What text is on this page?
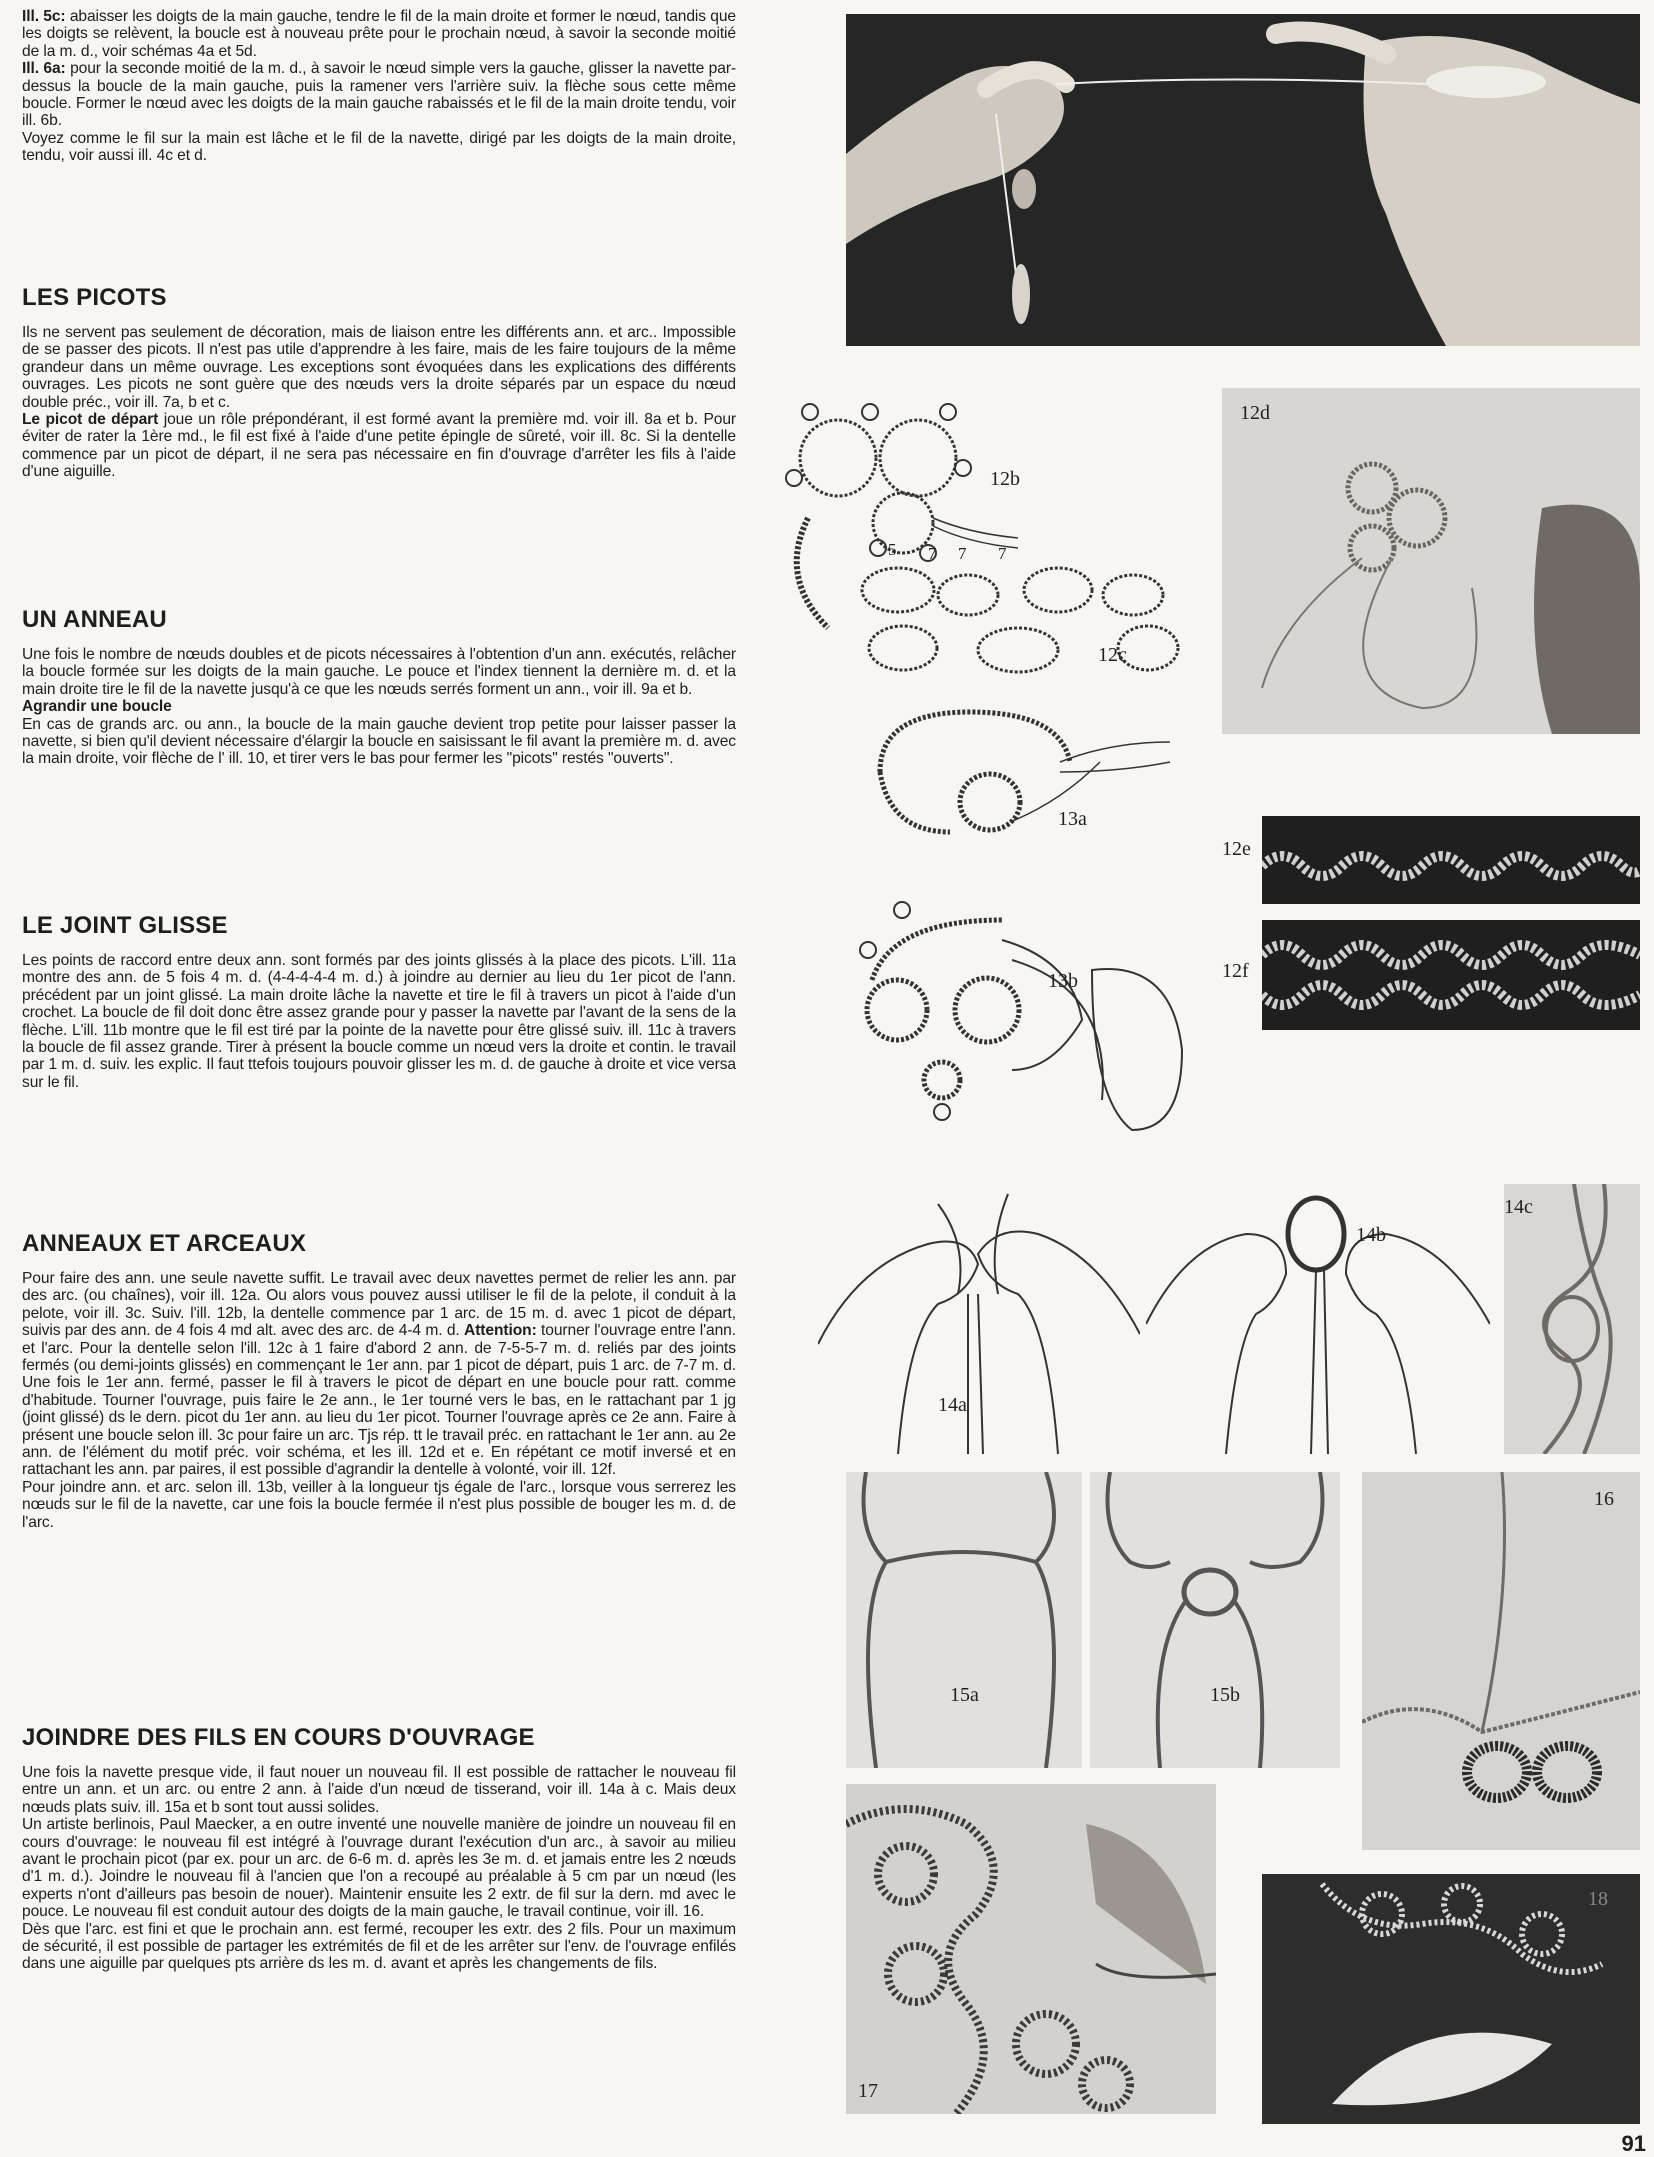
Ill. 5c: abaisser les doigts de la main gauche, tendre le fil de la main droite et former le nœud, tandis que les doigts se relèvent, la boucle est à nouveau prête pour le prochain nœud, à savoir la seconde moitié de la m. d., voir schémas 4a et 5d.

Ill. 6a: pour la seconde moitié de la m. d., à savoir le nœud simple vers la gauche, glisser la navette par-dessus la boucle de la main gauche, puis la ramener vers l'arrière suiv. la flèche sous cette même boucle. Former le nœud avec les doigts de la main gauche rabaissés et le fil de la main droite tendu, voir ill. 6b.

Voyez comme le fil sur la main est lâche et le fil de la navette, dirigé par les doigts de la main droite, tendu, voir aussi ill. 4c et d.

LES PICOTS

Ils ne servent pas seulement de décoration, mais de liaison entre les différents ann. et arc.. Impossible de se passer des picots. Il n'est pas utile d'apprendre à les faire, mais de les faire toujours de la même grandeur dans un même ouvrage. Les exceptions sont évoquées dans les explications des différents ouvrages. Les picots ne sont guère que des nœuds vers la droite séparés par un espace du nœud double préc., voir ill. 7a, b et c.

Le picot de départ joue un rôle prépondérant, il est formé avant la première md. voir ill. 8a et b. Pour éviter de rater la 1ère md., le fil est fixé à l'aide d'une petite épingle de sûreté, voir ill. 8c. Si la dentelle commence par un picot de départ, il ne sera pas nécessaire en fin d'ouvrage d'arrêter les fils à l'aide d'une aiguille.

UN ANNEAU

Une fois le nombre de nœuds doubles et de picots nécessaires à l'obtention d'un ann. exécutés, relâcher la boucle formée sur les doigts de la main gauche. Le pouce et l'index tiennent la dernière m. d. et la main droite tire le fil de la navette jusqu'à ce que les nœuds serrés forment un ann., voir ill. 9a et b.

Agrandir une boucle

En cas de grands arc. ou ann., la boucle de la main gauche devient trop petite pour laisser passer la navette, si bien qu'il devient nécessaire d'élargir la boucle en saisissant le fil avant la première m. d. avec la main droite, voir flèche de l' ill. 10, et tirer vers le bas pour fermer les "picots" restés "ouverts".

LE JOINT GLISSE

Les points de raccord entre deux ann. sont formés par des joints glissés à la place des picots. L'ill. 11a montre des ann. de 5 fois 4 m. d. (4-4-4-4-4 m. d.) à joindre au dernier au lieu du 1er picot de l'ann. précédent par un joint glissé. La main droite lâche la navette et tire le fil à travers un picot à l'aide d'un crochet. La boucle de fil doit donc être assez grande pour y passer la navette par l'avant de la sens de la flèche. L'ill. 11b montre que le fil est tiré par la pointe de la navette pour être glissé suiv. ill. 11c à travers la boucle de fil assez grande. Tirer à présent la boucle comme un nœud vers la droite et contin. le travail par 1 m. d. suiv. les explic. Il faut ttefois toujours pouvoir glisser les m. d. de gauche à droite et vice versa sur le fil.

ANNEAUX ET ARCEAUX

Pour faire des ann. une seule navette suffit. Le travail avec deux navettes permet de relier les ann. par des arc. (ou chaînes), voir ill. 12a. Ou alors vous pouvez aussi utiliser le fil de la pelote, il conduit à la pelote, voir ill. 3c. Suiv. l'ill. 12b, la dentelle commence par 1 arc. de 15 m. d. avec 1 picot de départ, suivis par des ann. de 4 fois 4 md alt. avec des arc. de 4-4 m. d. Attention: tourner l'ouvrage entre l'ann. et l'arc. Pour la dentelle selon l'ill. 12c à 1 faire d'abord 2 ann. de 7-5-5-7 m. d. reliés par des joints fermés (ou demi-joints glissés) en commençant le 1er ann. par 1 picot de départ, puis 1 arc. de 7-7 m. d. Une fois le 1er ann. fermé, passer le fil à travers le picot de départ en une boucle pour ratt. comme d'habitude. Tourner l'ouvrage, puis faire le 2e ann., le 1er tourné vers le bas, en le rattachant par 1 jg (joint glissé) ds le dern. picot du 1er ann. au lieu du 1er picot. Tourner l'ouvrage après ce 2e ann. Faire à présent une boucle selon ill. 3c pour faire un arc. Tjs rép. tt le travail préc. en rattachant le 1er ann. au 2e ann. de l'élément du motif préc. voir schéma, et les ill. 12d et e. En répétant ce motif inversé et en rattachant les ann. par paires, il est possible d'agrandir la dentelle à volonté, voir ill. 12f.

Pour joindre ann. et arc. selon ill. 13b, veiller à la longueur tjs égale de l'arc., lorsque vous serrerez les nœuds sur le fil de la navette, car une fois la boucle fermée il n'est plus possible de bouger les m. d. de l'arc.

JOINDRE DES FILS EN COURS D'OUVRAGE

Une fois la navette presque vide, il faut nouer un nouveau fil. Il est possible de rattacher le nouveau fil entre un ann. et un arc. ou entre 2 ann. à l'aide d'un nœud de tisserand, voir ill. 14a à c. Mais deux nœuds plats suiv. ill. 15a et b sont tout aussi solides.

Un artiste berlinois, Paul Maecker, a en outre inventé une nouvelle manière de joindre un nouveau fil en cours d'ouvrage: le nouveau fil est intégré à l'ouvrage durant l'exécution d'un arc., à savoir au milieu avant le prochain picot (par ex. pour un arc. de 6-6 m. d. après les 3e m. d. et jamais entre les 2 nœuds d'1 m. d.). Joindre le nouveau fil à l'ancien que l'on a recoupé au préalable à 5 cm par un nœud (les experts n'ont d'ailleurs pas besoin de nouer). Maintenir ensuite les 2 extr. de fil sur la dern. md avec le pouce. Le nouveau fil est conduit autour des doigts de la main gauche, le travail continue, voir ill. 16.

Dès que l'arc. est fini et que le prochain ann. est fermé, recouper les extr. des 2 fils. Pour un maximum de sécurité, il est possible de partager les extrémités de fil et de les arrêter sur l'env. de l'ouvrage enfilés dans une aiguille par quelques pts arrière ds les m. d. avant et après les changements de fils.

12b
5 7 7 7
12c
12d
13a
12e
12f
13b
14a
14b
14c
15a	15b
16
17
18
91
